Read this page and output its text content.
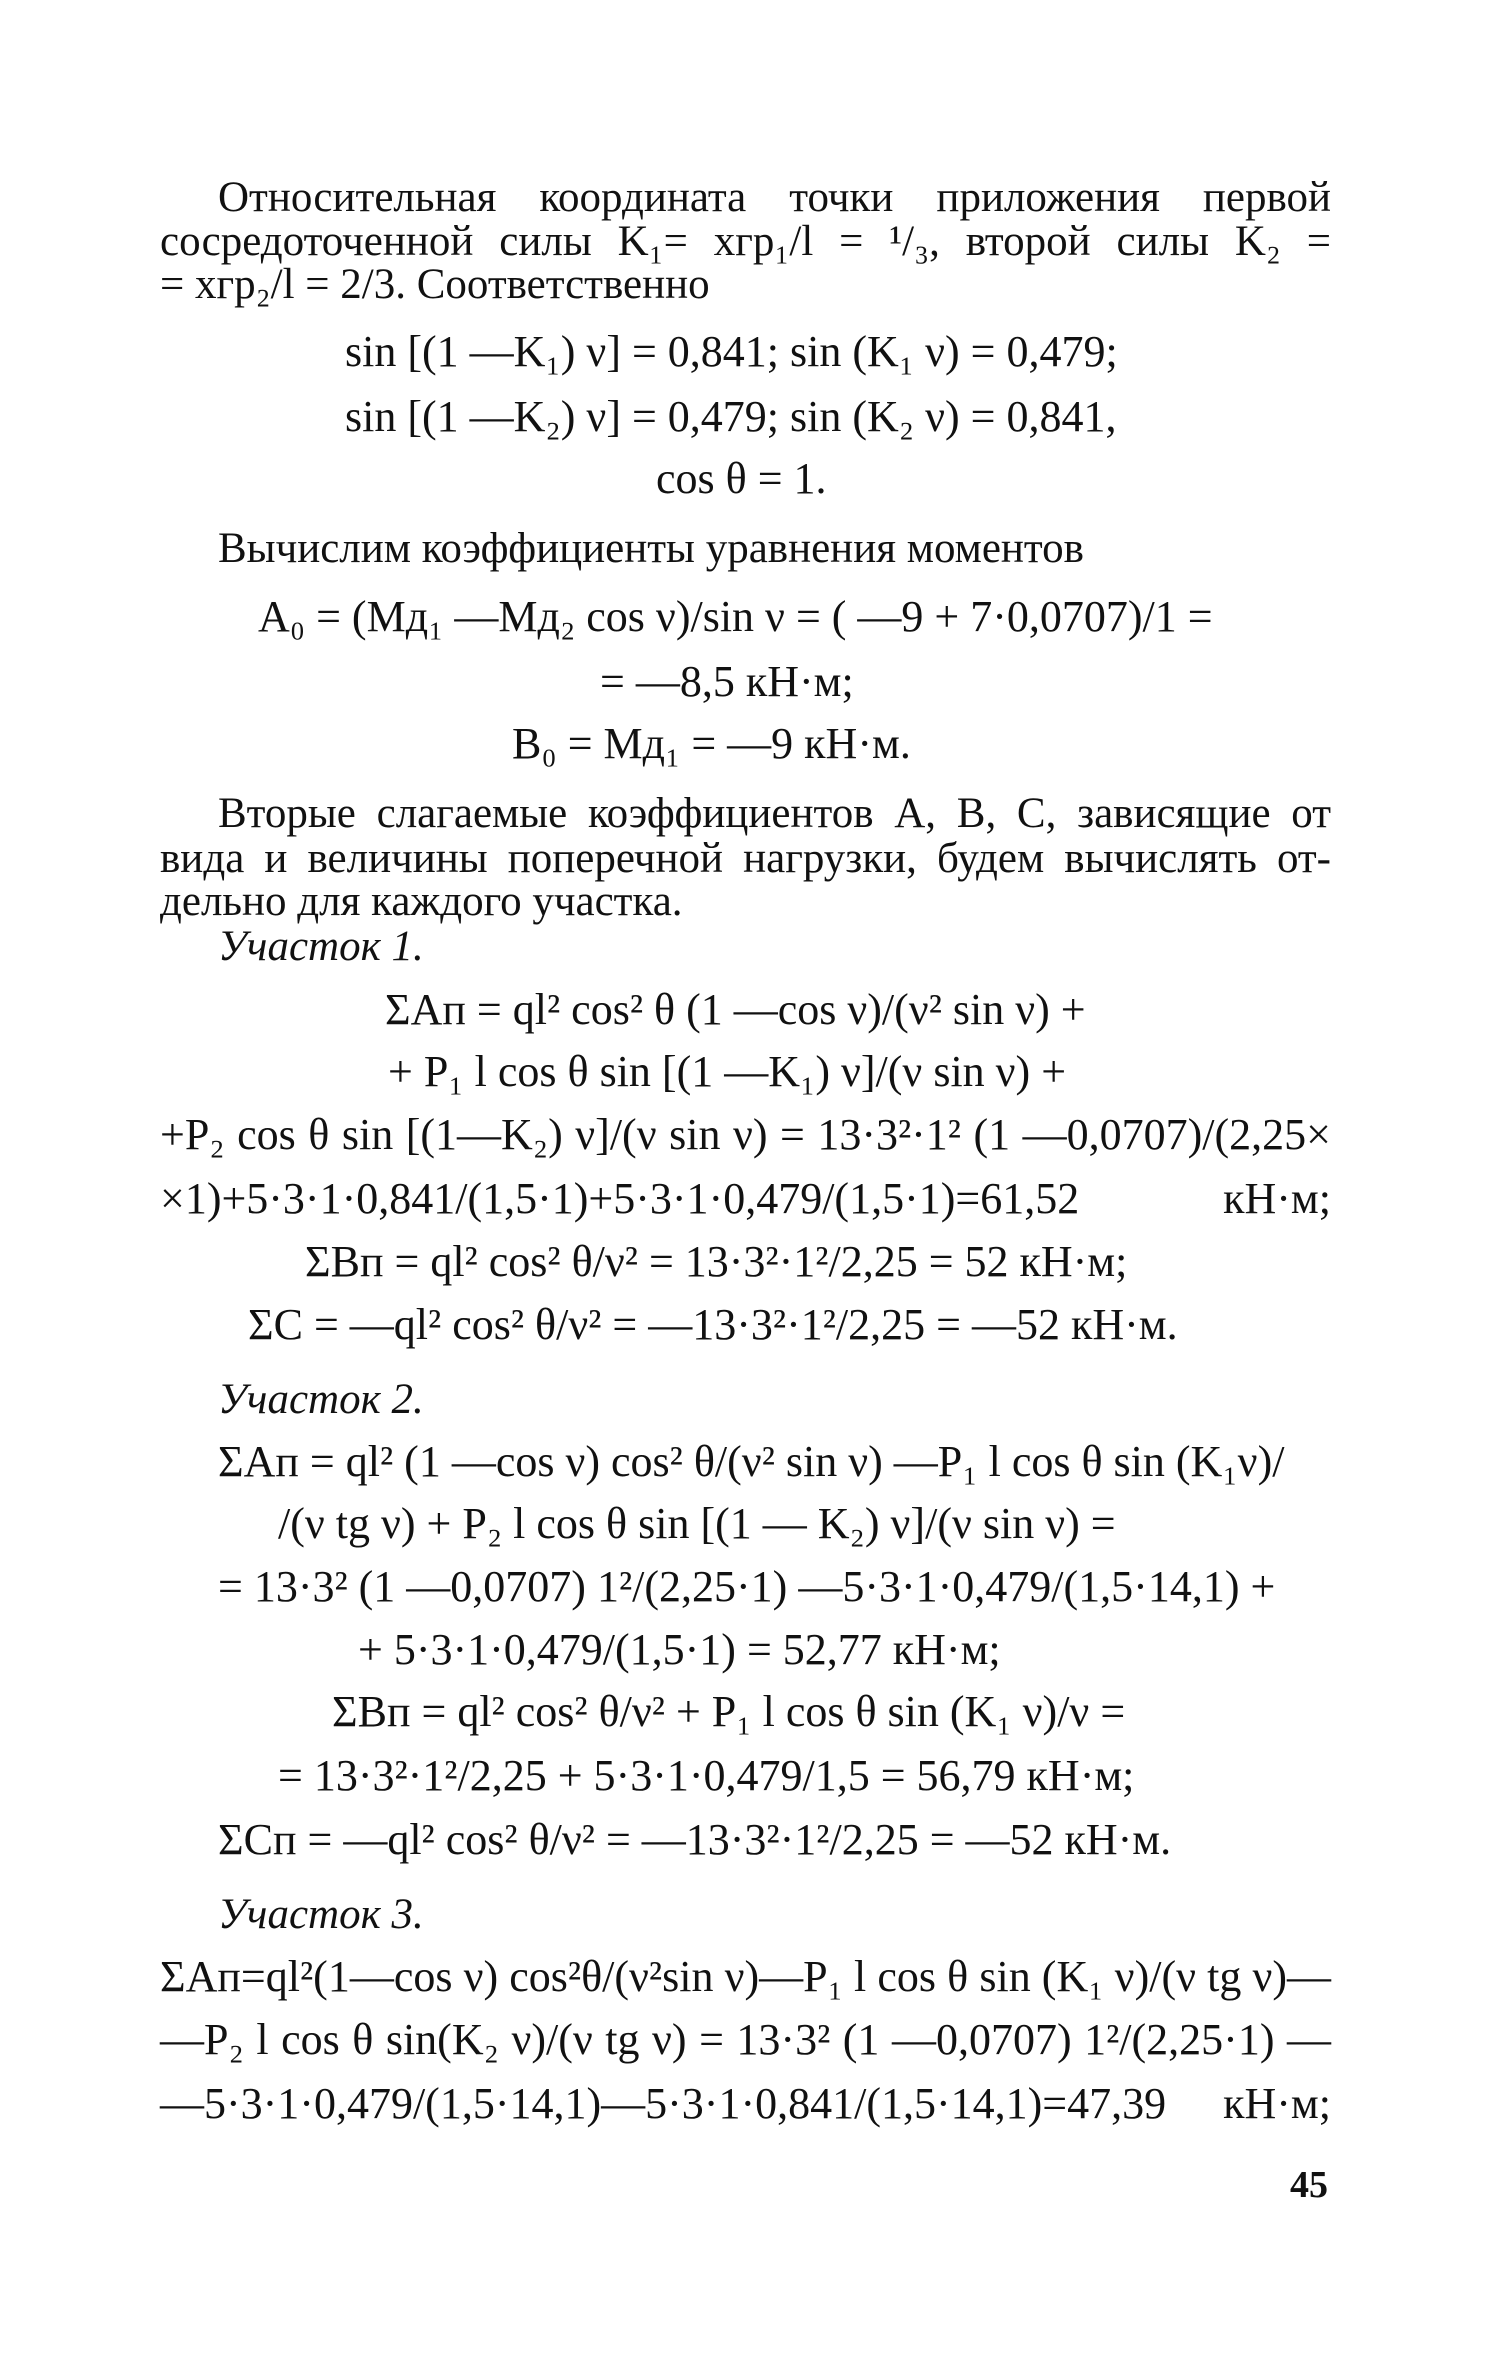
Относительная координата точки приложения первой

сосредоточенной силы K₁= xгр₁/l = ¹/₃, второй силы K₂ =

= xгр₂/l = 2/3. Соответственно

sin [(1 —K₁) ν] = 0,841; sin (K₁ ν) = 0,479;

sin [(1 —K₂) ν] = 0,479; sin (K₂ ν) = 0,841,

cos θ = 1.

Вычислим коэффициенты уравнения моментов

A₀ = (Mд₁ —Mд₂ cos ν)/sin ν = ( —9 + 7·0,0707)/1 =

= —8,5 кН·м;

B₀ = Mд₁ = —9 кН·м.

Вторые слагаемые коэффициентов A, B, C, зависящие от

вида и величины поперечной нагрузки, будем вычислять от-

дельно для каждого участка.

Участок 1.

ΣAп = ql² cos² θ (1 —cos ν)/(ν² sin ν) +

+ P₁ l cos θ sin [(1 —K₁) ν]/(ν sin ν) +

+P₂ cos θ sin [(1—K₂) ν]/(ν sin ν) = 13·3²·1² (1 —0,0707)/(2,25×

×1)+5·3·1·0,841/(1,5·1)+5·3·1·0,479/(1,5·1)=61,52 кН·м;

ΣBп = ql² cos² θ/ν² = 13·3²·1²/2,25 = 52 кН·м;

ΣC = —ql² cos² θ/ν² = —13·3²·1²/2,25 = —52 кН·м.

Участок 2.

ΣAп = ql² (1 —cos ν) cos² θ/(ν² sin ν) —P₁ l cos θ sin (K₁ν)/

/(ν tg ν) + P₂ l cos θ sin [(1 — K₂) ν]/(ν sin ν) =

= 13·3² (1 —0,0707) 1²/(2,25·1) —5·3·1·0,479/(1,5·14,1) +

+ 5·3·1·0,479/(1,5·1) = 52,77 кН·м;

ΣBп = ql² cos² θ/ν² + P₁ l cos θ sin (K₁ ν)/ν =

= 13·3²·1²/2,25 + 5·3·1·0,479/1,5 = 56,79 кН·м;

ΣCп = —ql² cos² θ/ν² = —13·3²·1²/2,25 = —52 кН·м.

Участок 3.

ΣAп=ql²(1—cos ν) cos²θ/(ν²sin ν)—P₁ l cos θ sin (K₁ ν)/(ν tg ν)—

—P₂ l cos θ sin(K₂ ν)/(ν tg ν) = 13·3² (1 —0,0707) 1²/(2,25·1) —

—5·3·1·0,479/(1,5·14,1)—5·3·1·0,841/(1,5·14,1)=47,39 кН·м;

45
